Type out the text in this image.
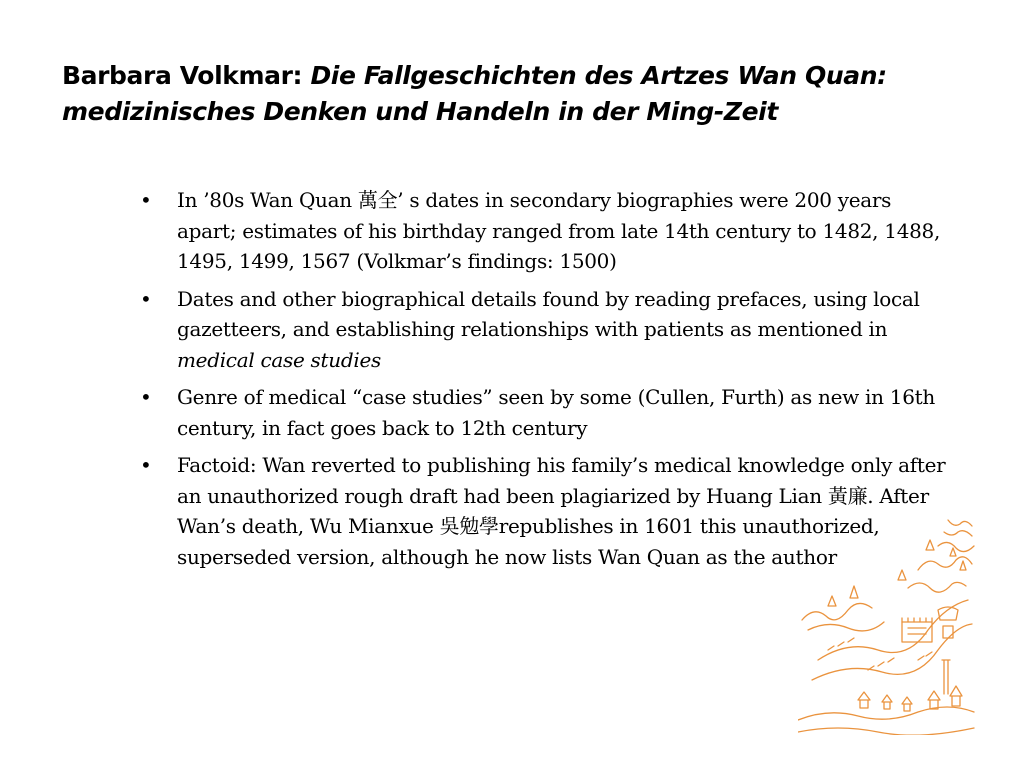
Barbara Volkmar: Die Fallgeschichten des Artzes Wan Quan:
medizinisches Denken und Handeln in der Ming-Zeit
• In ’80s Wan Quan 萬全’ s dates in secondary biographies were 200 years apart; estimates of his birthday ranged from late 14th century to 1482, 1488, 1495, 1499, 1567 (Volkmar’s findings: 1500)
• Dates and other biographical details found by reading prefaces, using local gazetteers, and establishing relationships with patients as mentioned in medical case studies
• Genre of medical “case studies” seen by some (Cullen, Furth) as new in 16th century, in fact goes back to 12th century
• Factoid: Wan reverted to publishing his family’s medical knowledge only after an unauthorized rough draft had been plagiarized by Huang Lian 黃廉. After Wan’s death, Wu Mianxue 吳勉學republishes in 1601 this unauthorized, superseded version, although he now lists Wan Quan as the author
